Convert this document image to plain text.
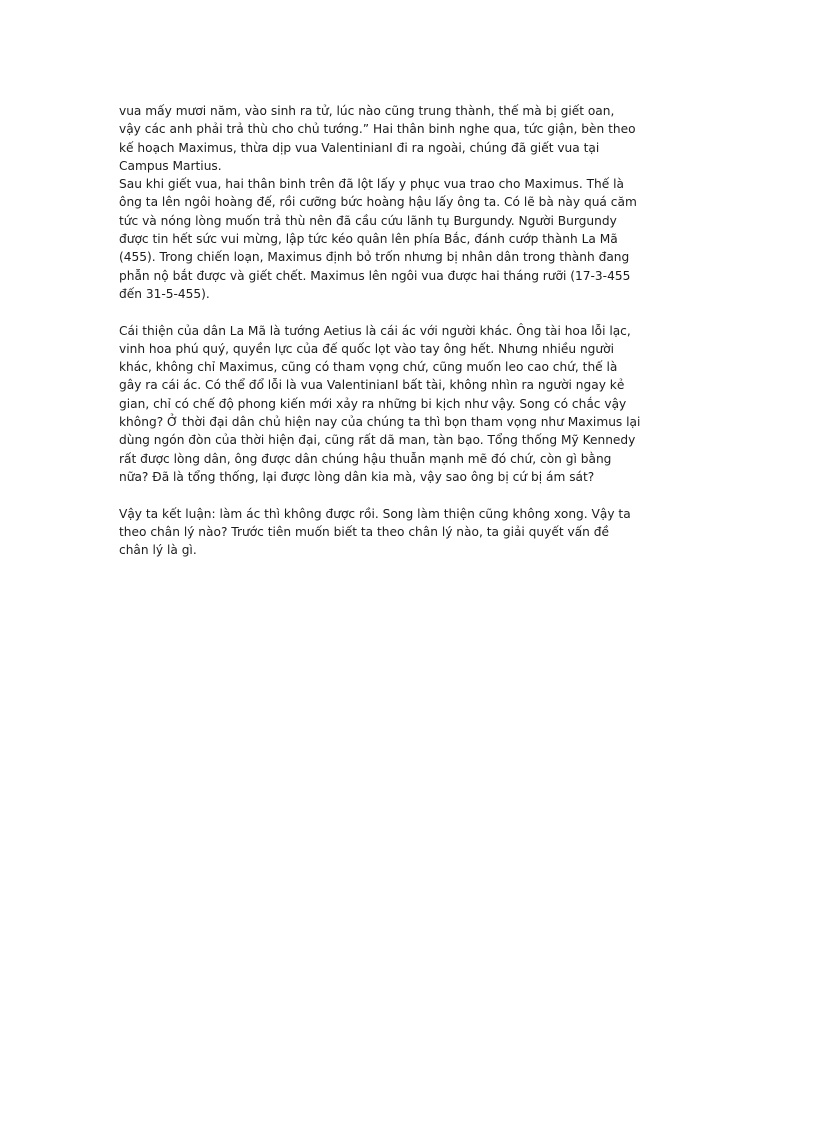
vua mấy mươi năm, vào sinh ra tử, lúc nào cũng trung thành, thế mà bị giết oan,
vậy các anh phải trả thù cho chủ tướng.” Hai thân binh nghe qua, tức giận, bèn theo
kế hoạch Maximus, thừa dịp vua ValentinianI đi ra ngoài, chúng đã giết vua tại
Campus Martius.
Sau khi giết vua, hai thân binh trên đã lột lấy y phục vua trao cho Maximus. Thế là
ông ta lên ngôi hoàng đế, rồi cưỡng bức hoàng hậu lấy ông ta. Có lẽ bà này quá căm
tức và nóng lòng muốn trả thù nên đã cầu cứu lãnh tụ Burgundy. Người Burgundy
được tin hết sức vui mừng, lập tức kéo quân lên phía Bắc, đánh cướp thành La Mã
(455). Trong chiến loạn, Maximus định bỏ trốn nhưng bị nhân dân trong thành đang
phẫn nộ bắt được và giết chết. Maximus lên ngôi vua được hai tháng rưỡi (17-3-455
đến 31-5-455).
Cái thiện của dân La Mã là tướng Aetius là cái ác với người khác. Ông tài hoa lỗi lạc,
vinh hoa phú quý, quyền lực của đế quốc lọt vào tay ông hết. Nhưng nhiều người
khác, không chỉ Maximus, cũng có tham vọng chứ, cũng muốn leo cao chứ, thế là
gây ra cái ác. Có thể đổ lỗi là vua ValentinianI bất tài, không nhìn ra người ngay kẻ
gian, chỉ có chế độ phong kiến mới xảy ra những bi kịch như vậy. Song có chắc vậy
không? Ở thời đại dân chủ hiện nay của chúng ta thì bọn tham vọng như Maximus lại
dùng ngón đòn của thời hiện đại, cũng rất dã man, tàn bạo. Tổng thống Mỹ Kennedy
rất được lòng dân, ông được dân chúng hậu thuẫn mạnh mẽ đó chứ, còn gì bằng
nữa? Đã là tổng thống, lại được lòng dân kia mà, vậy sao ông bị cứ bị ám sát?
Vậy ta kết luận: làm ác thì không được rồi. Song làm thiện cũng không xong. Vậy ta
theo chân lý nào? Trước tiên muốn biết ta theo chân lý nào, ta giải quyết vấn đề
chân lý là gì.
